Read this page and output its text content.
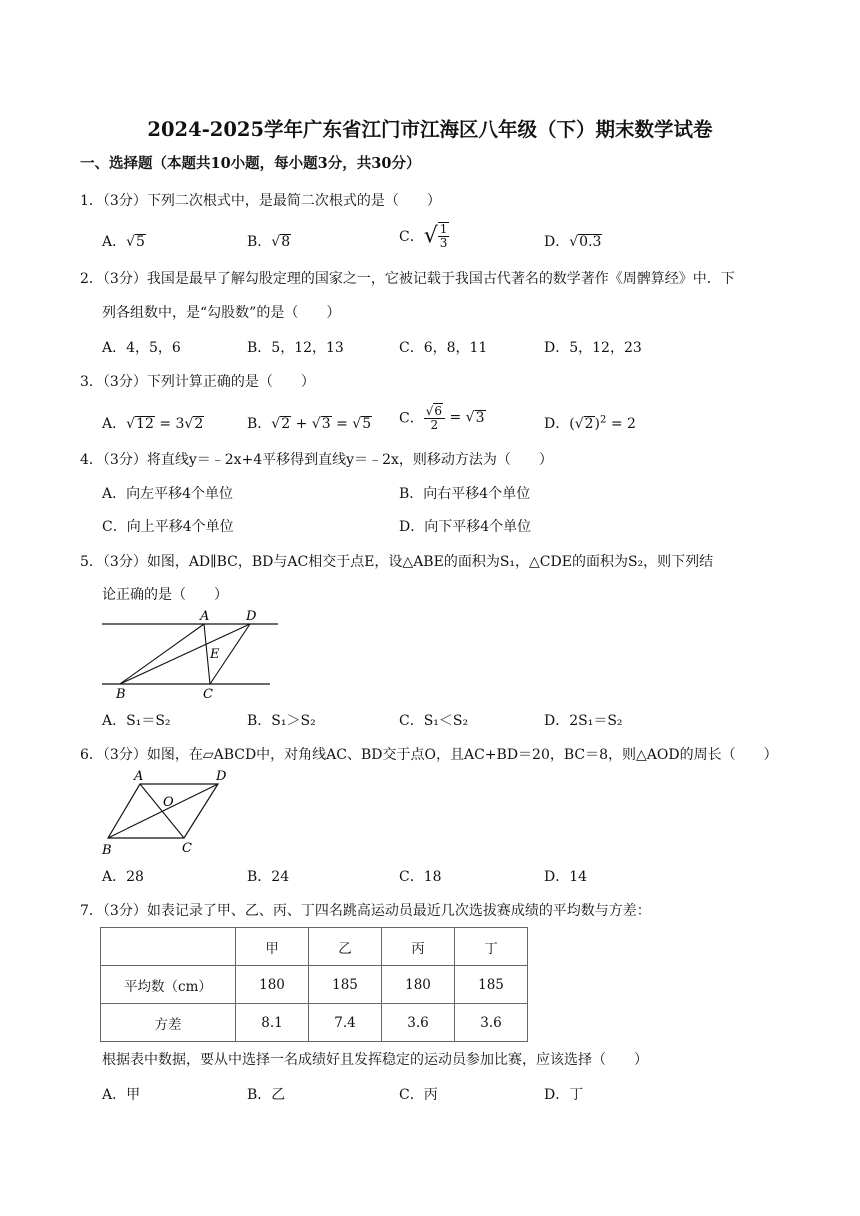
2024-2025学年广东省江门市江海区八年级（下）期末数学试卷
一、选择题（本题共10小题，每小题3分，共30分）
1．（3分）下列二次根式中，是最简二次根式的是（　　）
A．√5	B．√8	C．√ $\frac{1}{3}$	D．√0.3
2．（3分）我国是最早了解勾股定理的国家之一，它被记载于我国古代著名的数学著作《周髀算经》中．下
列各组数中，是“勾股数”的是（　　）
A．4，5，6	B．5，12，13	C．6，8，11	D．5，12，23
3．（3分）下列计算正确的是（　　）
A．√12 = 3√2	B．√2 + √3 = √5 C． $\frac{√6}{2} = √3$	D．$(√2)^2 = 2$
4．（3分）将直线y＝﹣2x+4平移得到直线y＝﹣2x，则移动方法为（　　）
A．向左平移4个单位	B．向右平移4个单位
C．向上平移4个单位	D．向下平移4个单位
5．（3分）如图，AD∥BC，BD与AC相交于点E，设△ABE的面积为S₁，△CDE的面积为S₂，则下列结
论正确的是（　　）
A	D
E
B	C
A．S₁＝S₂	B．S₁＞S₂	C．S₁＜S₂	D．2S₁＝S₂
6．（3分）如图，在▱ABCD中，对角线AC、BD交于点O，且AC+BD＝20，BC＝8，则△AOD的周长（　　）
A	D
O
B	C
A．28	B．24	C．18	D．14
7．（3分）如表记录了甲、乙、丙、丁四名跳高运动员最近几次选拔赛成绩的平均数与方差：
	甲	乙	丙	丁
平均数（cm）	180	185	180	185
方差	8.1	7.4	3.6	3.6
根据表中数据，要从中选择一名成绩好且发挥稳定的运动员参加比赛，应该选择（　　）
A．甲	B．乙	C．丙	D．丁
